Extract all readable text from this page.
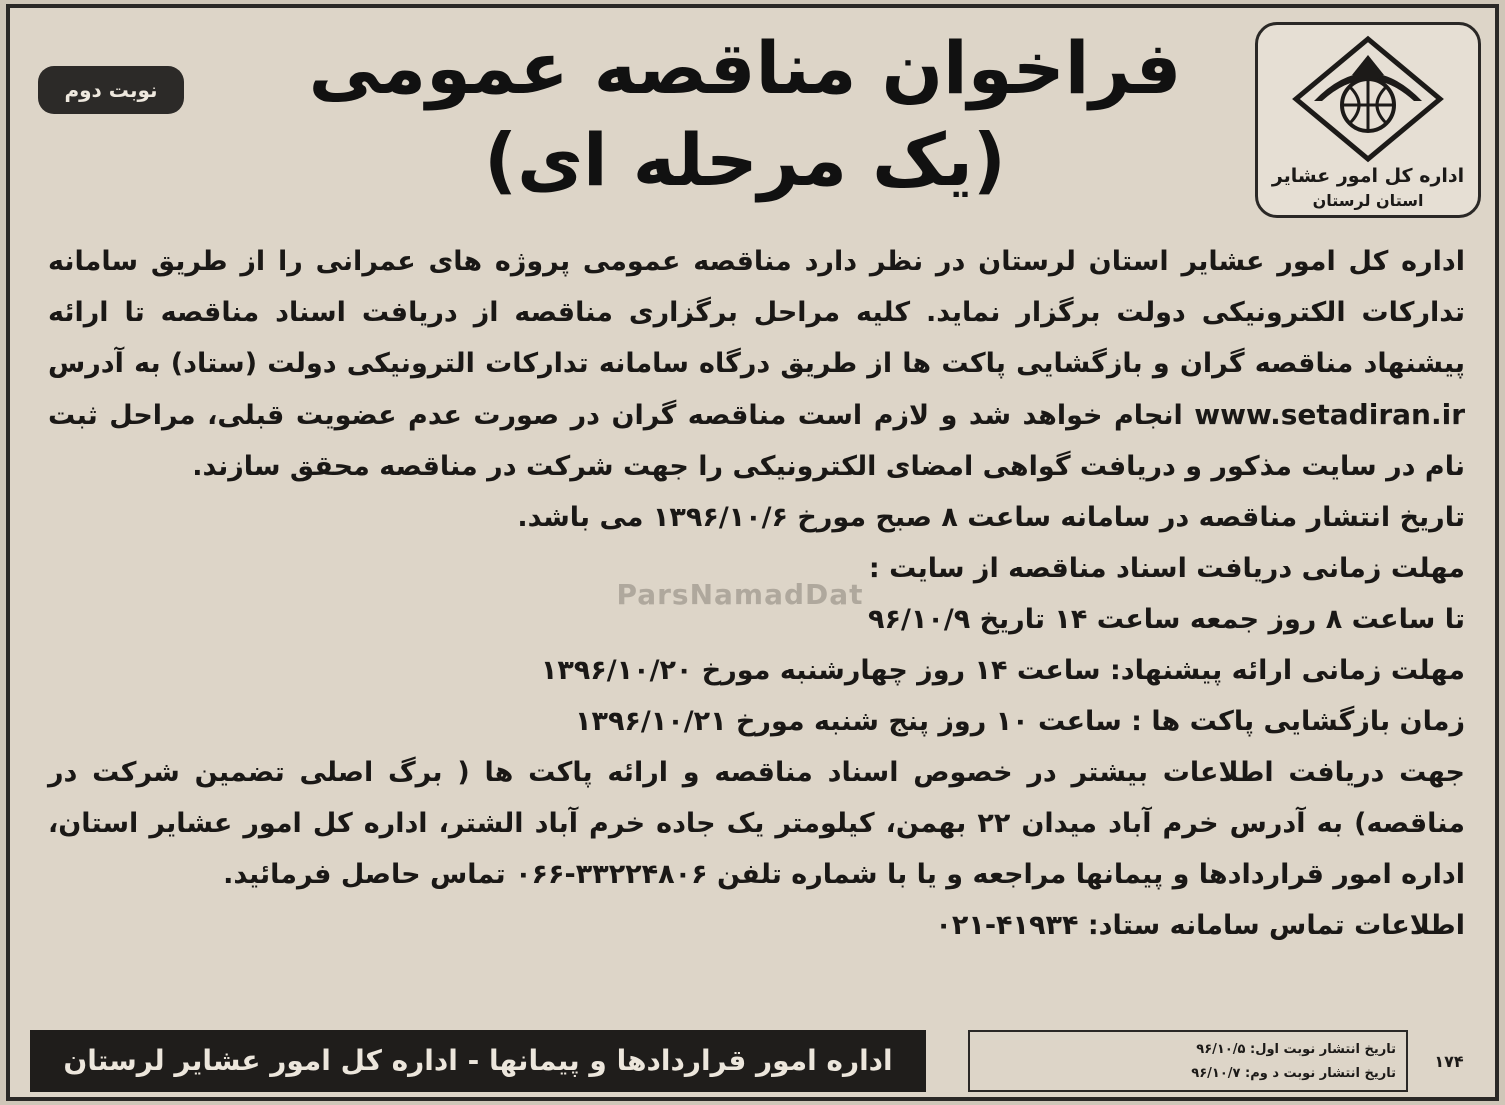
اداره کل امور عشایر
استان لرستان
فراخوان مناقصه عمومی
(یک مرحله ای)
نوبت دوم

اداره کل امور عشایر استان لرستان در نظر دارد مناقصه عمومی پروژه های عمرانی را از طریق سامانه تدارکات الکترونیکی دولت برگزار نماید. کلیه مراحل برگزاری مناقصه از دریافت اسناد مناقصه تا ارائه پیشنهاد مناقصه گران و بازگشایی پاکت ها از طریق درگاه سامانه تدارکات الترونیکی دولت (ستاد) به آدرس www.setadiran.ir انجام خواهد شد و لازم است مناقصه گران در صورت عدم عضویت قبلی، مراحل ثبت نام در سایت مذکور و دریافت گواهی امضای الکترونیکی را جهت شرکت در مناقصه محقق سازند.

تاریخ انتشار مناقصه در سامانه ساعت ۸ صبح مورخ ۱۳۹۶/۱۰/۶ می باشد.

مهلت زمانی دریافت اسناد مناقصه از سایت :

تا ساعت ۸ روز جمعه ساعت ۱۴ تاریخ ۹۶/۱۰/۹

مهلت زمانی ارائه پیشنهاد: ساعت ۱۴ روز چهارشنبه مورخ ۱۳۹۶/۱۰/۲۰

زمان بازگشایی پاکت ها : ساعت ۱۰ روز پنج شنبه مورخ ۱۳۹۶/۱۰/۲۱

جهت دریافت اطلاعات بیشتر در خصوص اسناد مناقصه و ارائه پاکت ها ( برگ اصلی تضمین شرکت در مناقصه) به آدرس خرم آباد میدان ۲۲ بهمن، کیلومتر یک جاده خرم آباد الشتر، اداره کل امور عشایر استان، اداره امور قراردادها و پیمانها مراجعه و یا با شماره تلفن ۳۳۲۲۴۸۰۶-۰۶۶ تماس حاصل فرمائید.

اطلاعات تماس سامانه ستاد: ۴۱۹۳۴-۰۲۱

ParsNamadDat
اداره امور قراردادها و پیمانها - اداره کل امور عشایر لرستان	تاریخ انتشار نوبت اول: ۹۶/۱۰/۵
تاریخ انتشار نوبت د وم: ۹۶/۱۰/۷
۱۷۴
